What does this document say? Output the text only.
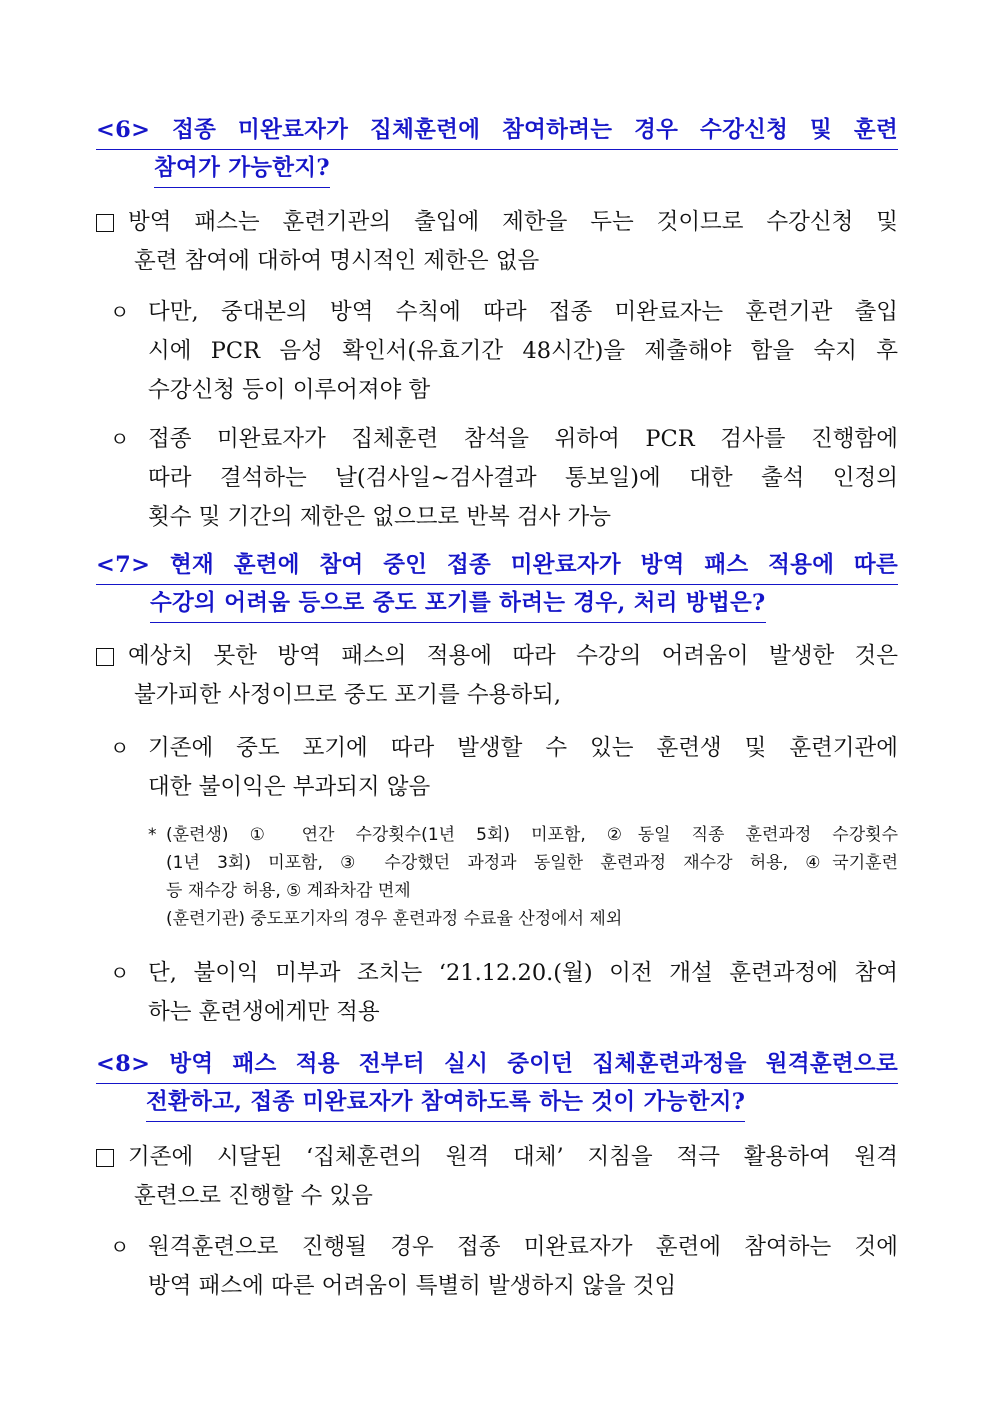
<6> 접종 미완료자가 집체훈련에 참여하려는 경우 수강신청 및 훈련
참여가 가능한지?
방역 패스는 훈련기관의 출입에 제한을 두는 것이므로 수강신청 및
훈련 참여에 대하여 명시적인 제한은 없음
ㅇ 다만, 중대본의 방역 수칙에 따라 접종 미완료자는 훈련기관 출입
시에 PCR 음성 확인서(유효기간 48시간)을 제출해야 함을 숙지 후
수강신청 등이 이루어져야 함
ㅇ 접종 미완료자가 집체훈련 참석을 위하여 PCR 검사를 진행함에
따라 결석하는 날(검사일~검사결과 통보일)에 대한 출석 인정의
횟수 및 기간의 제한은 없으므로 반복 검사 가능
<7> 현재 훈련에 참여 중인 접종 미완료자가 방역 패스 적용에 따른
수강의 어려움 등으로 중도 포기를 하려는 경우, 처리 방법은?
예상치 못한 방역 패스의 적용에 따라 수강의 어려움이 발생한 것은
불가피한 사정이므로 중도 포기를 수용하되,
ㅇ 기존에 중도 포기에 따라 발생할 수 있는 훈련생 및 훈련기관에
대한 불이익은 부과되지 않음
* (훈련생) ① 연간 수강횟수(1년 5회) 미포함, ②동일 직종 훈련과정 수강횟수
(1년 3회) 미포함, ③ 수강했던 과정과 동일한 훈련과정 재수강 허용, ④국기훈련
등 재수강 허용, ⑤ 계좌차감 면제
(훈련기관) 중도포기자의 경우 훈련과정 수료율 산정에서 제외
ㅇ 단, 불이익 미부과 조치는 ‘21.12.20.(월) 이전 개설 훈련과정에 참여
하는 훈련생에게만 적용
<8> 방역 패스 적용 전부터 실시 중이던 집체훈련과정을 원격훈련으로
전환하고, 접종 미완료자가 참여하도록 하는 것이 가능한지?
기존에 시달된 ‘집체훈련의 원격 대체’ 지침을 적극 활용하여 원격
훈련으로 진행할 수 있음
ㅇ 원격훈련으로 진행될 경우 접종 미완료자가 훈련에 참여하는 것에
방역 패스에 따른 어려움이 특별히 발생하지 않을 것임
